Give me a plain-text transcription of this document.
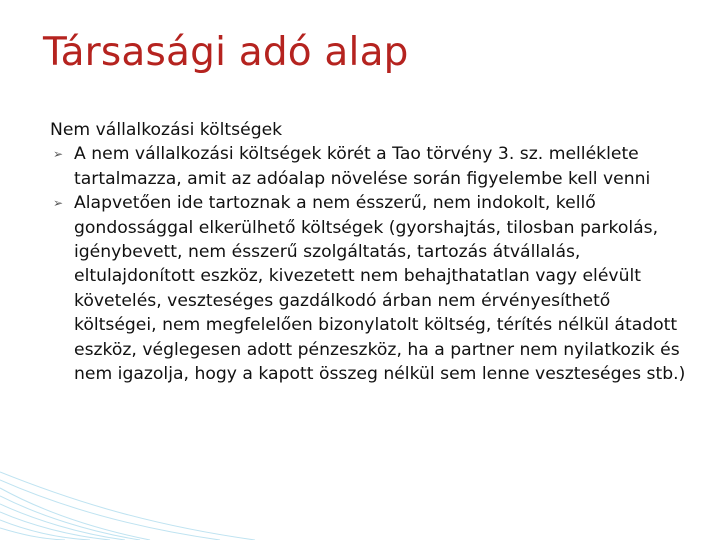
Társasági adó alap

Nem vállalkozási költségek

➢ A nem vállalkozási költségek körét a Tao törvény 3. sz. melléklete tartalmazza, amit az adóalap növelése során figyelembe kell venni
➢ Alapvetően ide tartoznak a nem ésszerű, nem indokolt, kellő gondossággal elkerülhető költségek (gyorshajtás, tilosban parkolás, igénybevett, nem ésszerű szolgáltatás, tartozás átvállalás, eltulajdonított eszköz, kivezetett nem behajthatatlan vagy elévült követelés, veszteséges gazdálkodó árban nem érvényesíthető költségei, nem megfelelően bizonylatolt költség, térítés nélkül átadott eszköz, véglegesen adott pénzeszköz, ha a partner nem nyilatkozik és nem igazolja, hogy a kapott összeg nélkül sem lenne veszteséges stb.)
